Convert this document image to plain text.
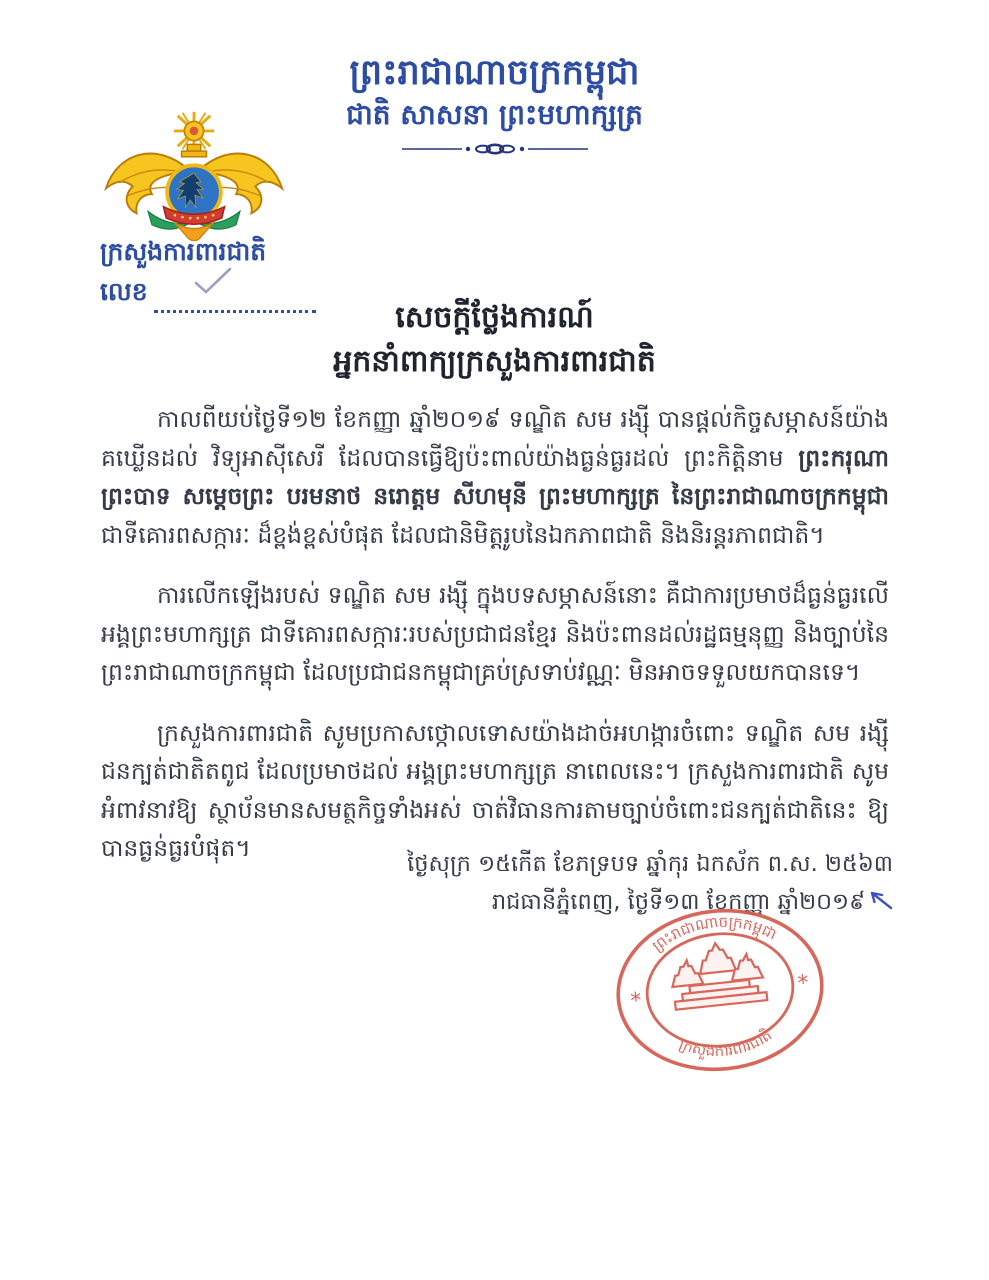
ព្រះរាជាណាចក្រកម្ពុជា
ជាតិ សាសនា ព្រះមហាក្សត្រ
ក្រសួងការពារជាតិ
លេខ
សេចក្តីថ្លែងការណ៍
អ្នកនាំពាក្យក្រសួងការពារជាតិ

កាលពីយប់ថ្ងៃទី១២ ខែកញ្ញា ឆ្នាំ២០១៩ ទណ្ឌិត សម រង្ស៊ី បានផ្តល់កិច្ចសម្ភាសន៍យ៉ាងគឃ្លើនដល់ វិទ្យុអាស៊ីសេរី ដែលបានធ្វើឱ្យប៉ះពាល់យ៉ាងធ្ងន់ធ្ងរដល់ ព្រះកិត្តិនាម ព្រះករុណា ព្រះបាទ សម្តេចព្រះ បរមនាថ នរោត្តម សីហមុនី ព្រះមហាក្សត្រ នៃព្រះរាជាណាចក្រកម្ពុជា ជាទីគោរពសក្ការៈ ដ៏ខ្ពង់ខ្ពស់បំផុត ដែលជានិមិត្តរូបនៃឯកភាពជាតិ និងនិរន្តរភាពជាតិ។

ការលើកឡើងរបស់ ទណ្ឌិត សម រង្ស៊ី ក្នុងបទសម្ភាសន៍នោះ គឺជាការប្រមាថដ៏ធ្ងន់ធ្ងរលើ អង្គព្រះមហាក្សត្រ ជាទីគោរពសក្ការៈរបស់ប្រជាជនខ្មែរ និងប៉ះពានដល់រដ្ឋធម្មនុញ្ញ និងច្បាប់នៃព្រះរាជាណាចក្រកម្ពុជា ដែលប្រជាជនកម្ពុជាគ្រប់ស្រទាប់វណ្ណៈ មិនអាចទទួលយកបានទេ។

ក្រសួងការពារជាតិ សូមប្រកាសថ្កោលទោសយ៉ាងដាច់អហង្ការចំពោះ ទណ្ឌិត សម រង្ស៊ី ជនក្បត់ជាតិតពូជ ដែលប្រមាថដល់ អង្គព្រះមហាក្សត្រ នាពេលនេះ។ ក្រសួងការពារជាតិ សូមអំពាវនាវឱ្យ ស្ថាប័នមានសមត្ថកិច្ចទាំងអស់ ចាត់វិធានការតាមច្បាប់ចំពោះជនក្បត់ជាតិនេះ ឱ្យបានធ្ងន់ធ្ងរបំផុត។

ថ្ងៃសុក្រ ១៥កើត ខែភទ្របទ ឆ្នាំកុរ ឯកស័ក ព.ស. ២៥៦៣
រាជធានីភ្នំពេញ, ថ្ងៃទី១៣ ខែកញ្ញា ឆ្នាំ២០១៩
*
*
ព្រះរាជាណាចក្រកម្ពុជា
ក្រសួងការពារជាតិ
